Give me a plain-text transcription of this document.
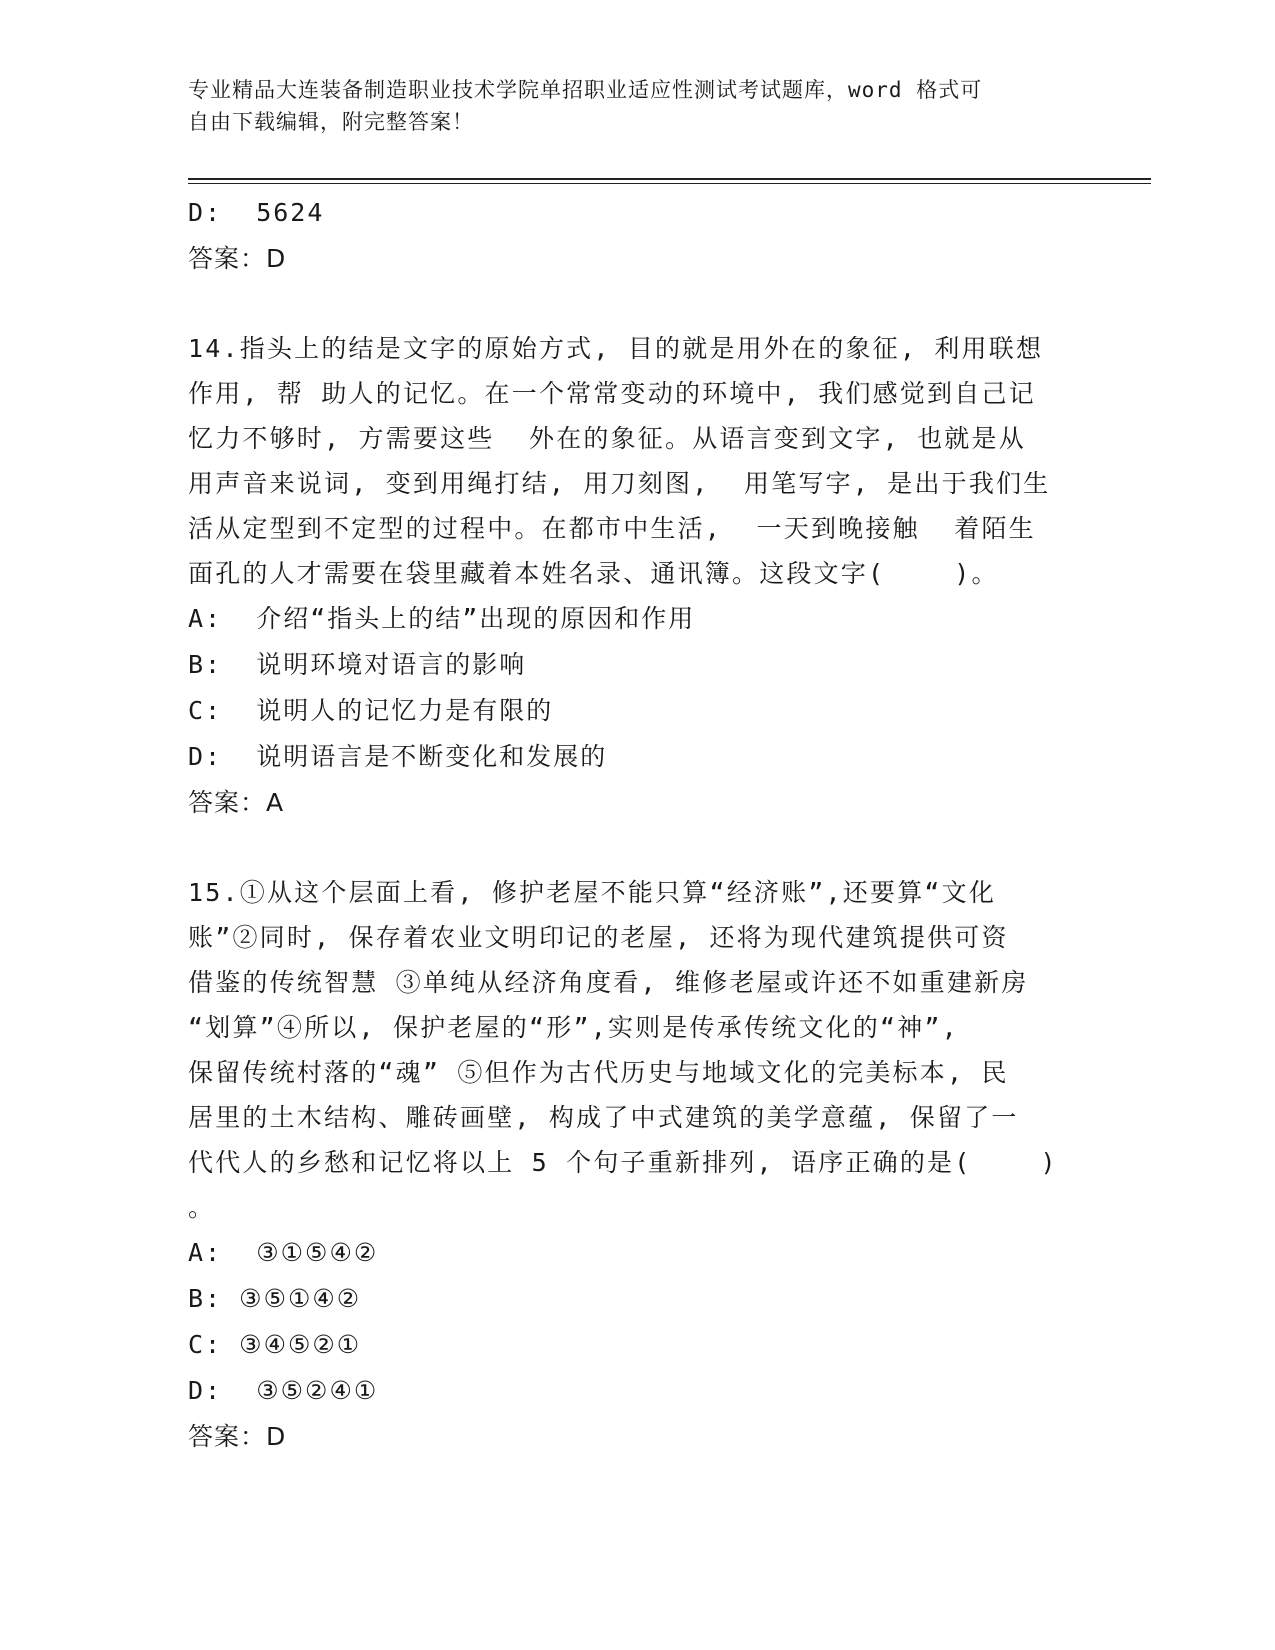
专业精品大连装备制造职业技术学院单招职业适应性测试考试题库，word 格式可
自由下载编辑，附完整答案！
D:  5624
答案：D
14.指头上的结是文字的原始方式, 目的就是用外在的象征, 利用联想
作用, 帮 助人的记忆。在一个常常变动的环境中, 我们感觉到自己记
忆力不够时, 方需要这些  外在的象征。从语言变到文字, 也就是从
用声音来说词, 变到用绳打结, 用刀刻图,  用笔写字, 是出于我们生
活从定型到不定型的过程中。在都市中生活,  一天到晚接触  着陌生
面孔的人才需要在袋里藏着本姓名录、通讯簿。这段文字(    )。
A:  介绍“指头上的结”出现的原因和作用
B:  说明环境对语言的影响
C:  说明人的记忆力是有限的
D:  说明语言是不断变化和发展的
答案：A
15.①从这个层面上看, 修护老屋不能只算“经济账”,还要算“文化
账”②同时, 保存着农业文明印记的老屋, 还将为现代建筑提供可资
借鉴的传统智慧 ③单纯从经济角度看, 维修老屋或许还不如重建新房
“划算”④所以, 保护老屋的“形”,实则是传承传统文化的“神”,
保留传统村落的“魂” ⑤但作为古代历史与地域文化的完美标本, 民
居里的土木结构、雕砖画壁, 构成了中式建筑的美学意蕴, 保留了一
代代人的乡愁和记忆将以上 5 个句子重新排列, 语序正确的是(    )
。
A:  ③①⑤④②
B: ③⑤①④②
C: ③④⑤②①
D:  ③⑤②④①
答案：D
